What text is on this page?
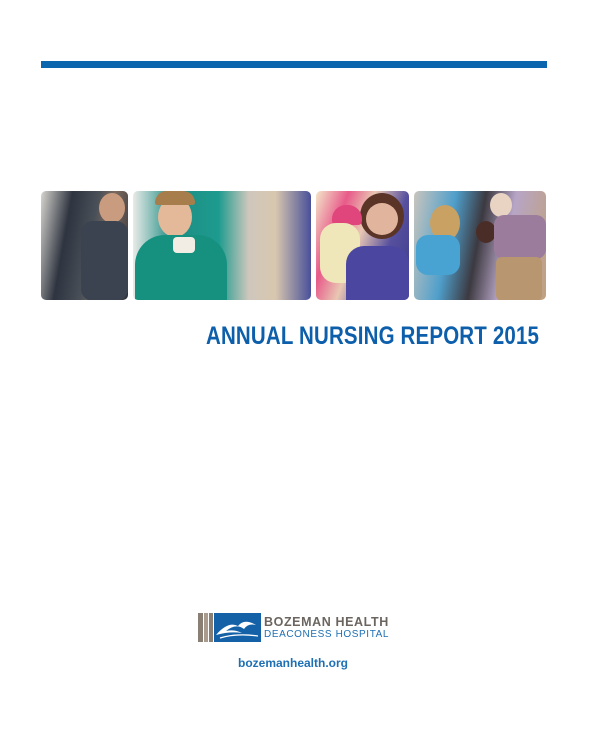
ANNUAL NURSING REPORT 2015
BOZEMAN HEALTH
DEACONESS HOSPITAL
bozemanhealth.org
